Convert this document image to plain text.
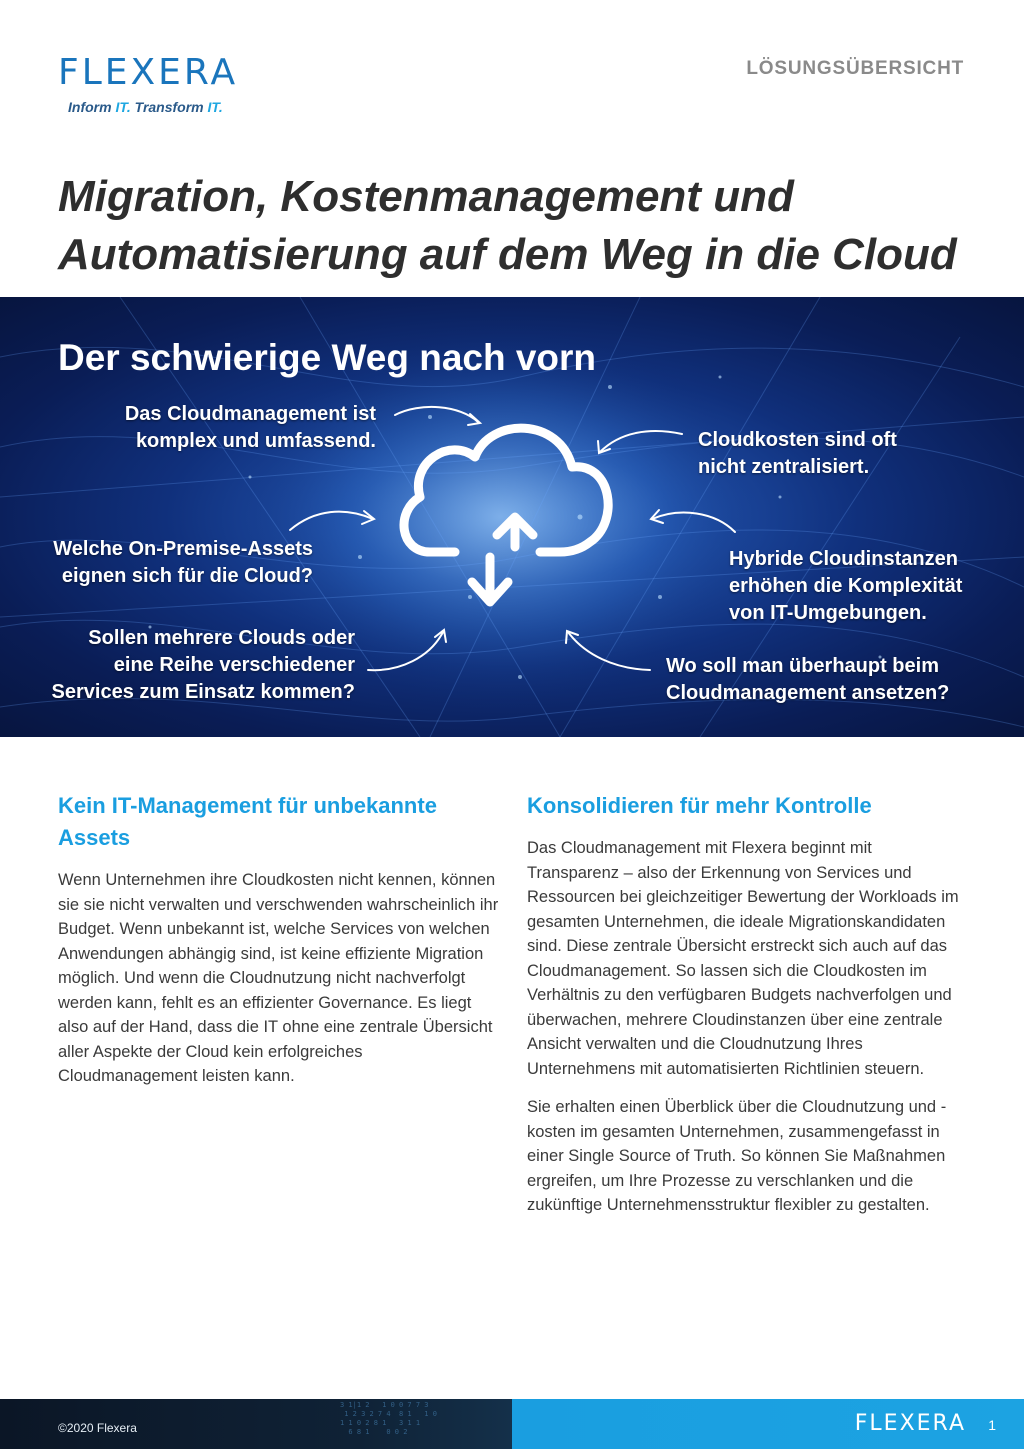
FLEXERA
Inform IT. Transform IT.
LÖSUNGSÜBERSICHT
Migration, Kostenmanagement und
Automatisierung auf dem Weg in die Cloud
Der schwierige Weg nach vorn
Das Cloudmanagement ist
komplex und umfassend.
Welche On-Premise-Assets
eignen sich für die Cloud?
Sollen mehrere Clouds oder
eine Reihe verschiedener
Services zum Einsatz kommen?
Cloudkosten sind oft
nicht zentralisiert.
Hybride Cloudinstanzen
erhöhen die Komplexität
von IT-Umgebungen.
Wo soll man überhaupt beim
Cloudmanagement ansetzen?
Kein IT-Management für unbekannte Assets

Wenn Unternehmen ihre Cloudkosten nicht kennen, können sie sie nicht verwalten und verschwenden wahrscheinlich ihr Budget. Wenn unbekannt ist, welche Services von welchen Anwendungen abhängig sind, ist keine effiziente Migration möglich. Und wenn die Cloudnutzung nicht nachverfolgt werden kann, fehlt es an effizienter Governance. Es liegt also auf der Hand, dass die IT ohne eine zentrale Übersicht aller Aspekte der Cloud kein erfolgreiches Cloudmanagement leisten kann.

Konsolidieren für mehr Kontrolle

Das Cloudmanagement mit Flexera beginnt mit Transparenz – also der Erkennung von Services und Ressourcen bei gleichzeitiger Bewertung der Workloads im gesamten Unternehmen, die ideale Migrationskandidaten sind. Diese zentrale Übersicht erstreckt sich auch auf das Cloudmanagement. So lassen sich die Cloudkosten im Verhältnis zu den verfügbaren Budgets nachverfolgen und überwachen, mehrere Cloudinstanzen über eine zentrale Ansicht verwalten und die Cloudnutzung Ihres Unternehmens mit automatisierten Richtlinien steuern.

Sie erhalten einen Überblick über die Cloudnutzung und -kosten im gesamten Unternehmen, zusammengefasst in einer Single Source of Truth. So können Sie Maßnahmen ergreifen, um Ihre Prozesse zu verschlanken und die zukünftige Unternehmensstruktur flexibler zu gestalten.

3 1|1 2   1 0 0 7 7 3
1 2 3 2 7 4  8 1   1 0
1 1 0 2 8 1   3 1 1
6 8 1    0 0 2
©2020 Flexera	FLEXERA 1
